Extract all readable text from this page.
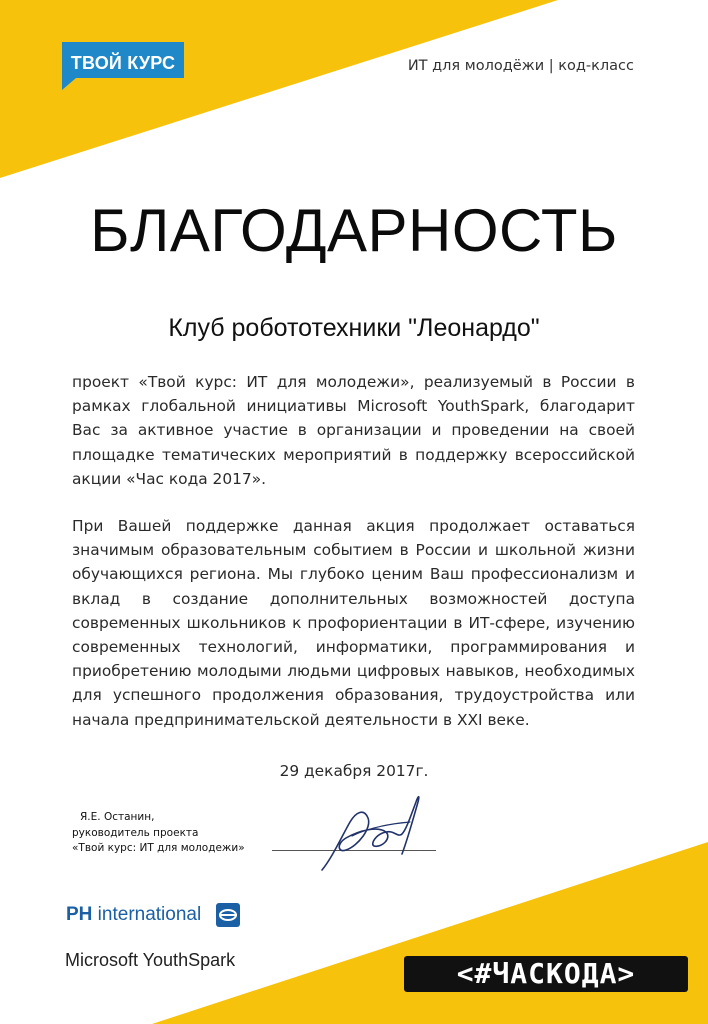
ТВОЙ КУРС	ИТ для молодёжи | код-класс
БЛАГОДАРНОСТЬ
Клуб робототехники "Леонардо"
проект «Твой курс: ИТ для молодежи», реализуемый в России в рамках глобальной инициативы Microsoft YouthSpark, благодарит Вас за активное участие в организации и проведении на своей площадке тематических мероприятий в поддержку всероссийской акции «Час кода 2017».
При Вашей поддержке данная акция продолжает оставаться значимым образовательным событием в России и школьной жизни обучающихся региона. Мы глубоко ценим Ваш профессионализм и вклад в создание дополнительных возможностей доступа современных школьников к профориентации в ИТ-сфере, изучению современных технологий, информатики, программирования и приобретению молодыми людьми цифровых навыков, необходимых для успешного продолжения образования, трудоустройства или начала предпринимательской деятельности в XXI веке.
29 декабря 2017г.
Я.Е. Останин,
руководитель проекта
«Твой курс: ИТ для молодежи»
PH international
Microsoft YouthSpark	<#ЧАСКОДА>
